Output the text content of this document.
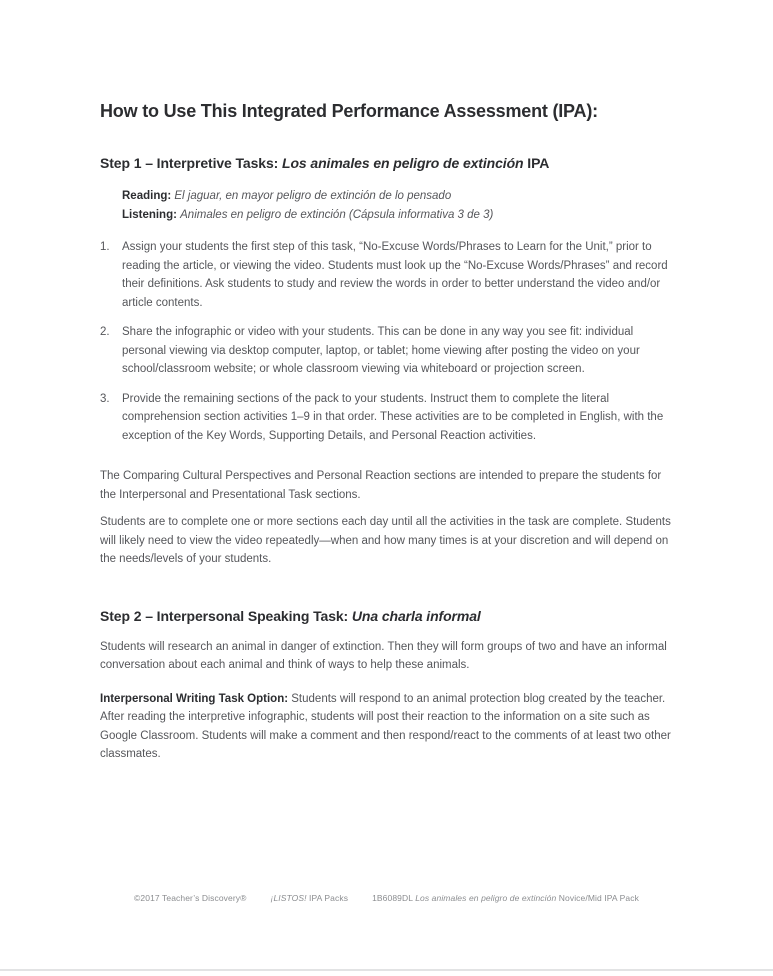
How to Use This Integrated Performance Assessment (IPA):
Step 1 – Interpretive Tasks: Los animales en peligro de extinción IPA
Reading: El jaguar, en mayor peligro de extinción de lo pensado
Listening: Animales en peligro de extinción (Cápsula informativa 3 de 3)
1.	Assign your students the first step of this task, “No-Excuse Words/Phrases to Learn for the Unit,” prior to reading the article, or viewing the video. Students must look up the “No-Excuse Words/Phrases” and record their definitions. Ask students to study and review the words in order to better understand the video and/or article contents.
2.	Share the infographic or video with your students. This can be done in any way you see fit: individual personal viewing via desktop computer, laptop, or tablet; home viewing after posting the video on your school/classroom website; or whole classroom viewing via whiteboard or projection screen.
3.	Provide the remaining sections of the pack to your students. Instruct them to complete the literal comprehension section activities 1–9 in that order. These activities are to be completed in English, with the exception of the Key Words, Supporting Details, and Personal Reaction activities.

The Comparing Cultural Perspectives and Personal Reaction sections are intended to prepare the students for the Interpersonal and Presentational Task sections.

Students are to complete one or more sections each day until all the activities in the task are complete. Students will likely need to view the video repeatedly—when and how many times is at your discretion and will depend on the needs/levels of your students.

Step 2 – Interpersonal Speaking Task: Una charla informal

Students will research an animal in danger of extinction. Then they will form groups of two and have an informal conversation about each animal and think of ways to help these animals.

Interpersonal Writing Task Option: Students will respond to an animal protection blog created by the teacher. After reading the interpretive infographic, students will post their reaction to the information on a site such as Google Classroom. Students will make a comment and then respond/react to the comments of at least two other classmates.

©2017 Teacher’s Discovery®	¡LISTOS! IPA Packs	1B6089DL Los animales en peligro de extinción Novice/Mid IPA Pack
